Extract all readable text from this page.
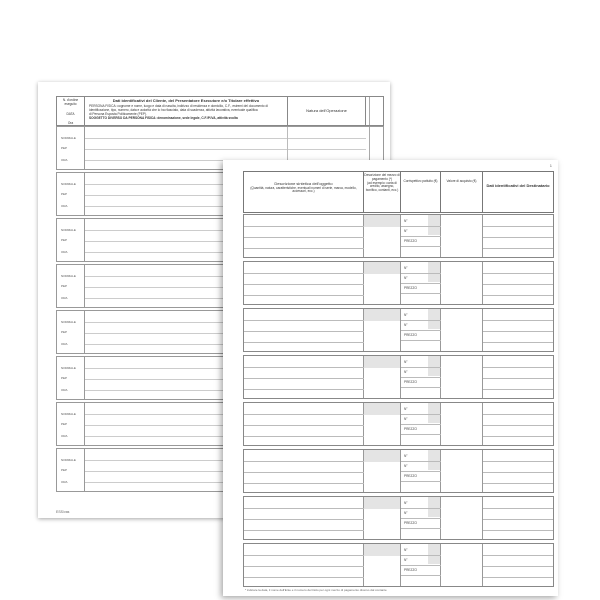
N. d'ordine
eseguito
DATA
Ora
Dati identificativi del Cliente, del Presentatore Esecutore e/o Titolare effettivo
PERSONA FISICA: cognome e nome, luogo e data di nascita, indirizzo di residenza e domicilio, C.F., estremi del documento di
identificazione, tipo, numero, data e autorità che lo ha rilasciato, data di scadenza, attività lavorativa, eventuale qualifica
di Persona Esposta Politicamente (PEP).
SOGGETTO DIVERSO DA PERSONA FISICA: denominazione, sede legale, C.F./P.IVA, attività svolta
Natura dell'Operazione
NORMALE
PEP
ORA
NORMALE
PEP
ORA
NORMALE
PEP
ORA
NORMALE
PEP
ORA
NORMALE
PEP
ORA
NORMALE
PEP
ORA
NORMALE
PEP
ORA
NORMALE
PEP
ORA
ESS/vas
1
Descrizione sintetica dell'oggetto
(Quantità, natura, caratteristiche, eventuali numeri di serie, marca, modello, accessori, ecc.)
Descrizione del mezzo di pagamento (*)
(ad esempio: carta di credito, assegno, bonifico, contanti, ecc.)
Corrispettivo pattuito (€)	Valore di acquisto (€)
Dati identificativi del Destinatario
N°
N°
PREZZO
N°
N°
PREZZO
N°
N°
PREZZO
N°
N°
PREZZO
N°
N°
PREZZO
N°
N°
PREZZO
N°
N°
PREZZO
N°
N°
PREZZO
* indicare la data, il nome dell'Ente e il numero del titolo per ogni mezzo di pagamento diverso dal contante
